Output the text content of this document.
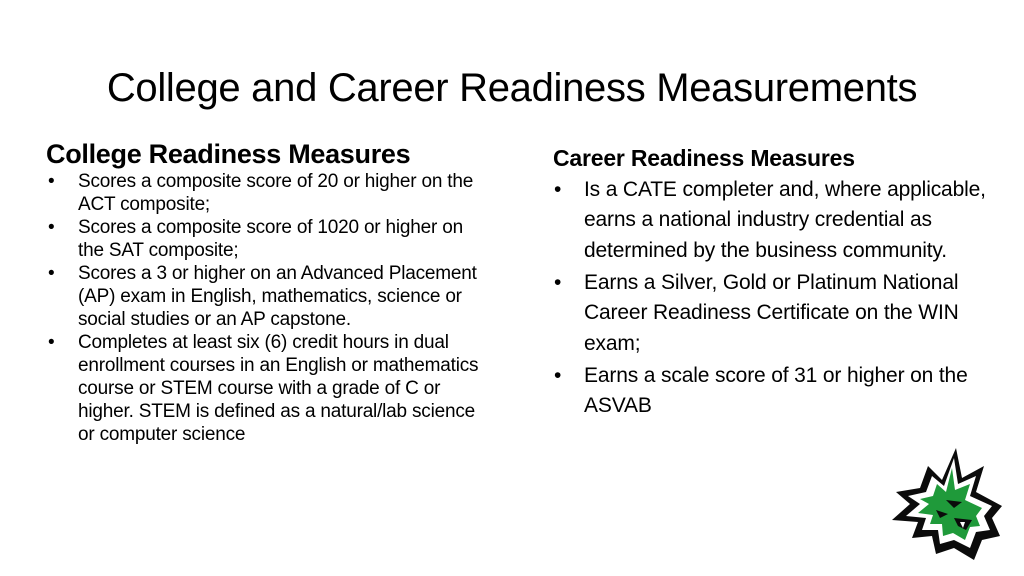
College and Career Readiness Measurements
College Readiness Measures
• Scores a composite score of 20 or higher on the ACT composite;
• Scores a composite score of 1020 or higher on the SAT composite;
• Scores a 3 or higher on an Advanced Placement (AP) exam in English, mathematics, science or social studies or an AP capstone.
• Completes at least six (6) credit hours in dual enrollment courses in an English or mathematics course or STEM course with a grade of C or higher. STEM is defined as a natural/lab science or computer science
Career Readiness Measures
• Is a CATE completer and, where applicable, earns a national industry credential as determined by the business community.
• Earns a Silver, Gold or Platinum National Career Readiness Certificate on the WIN exam;
• Earns a scale score of 31 or higher on the ASVAB
